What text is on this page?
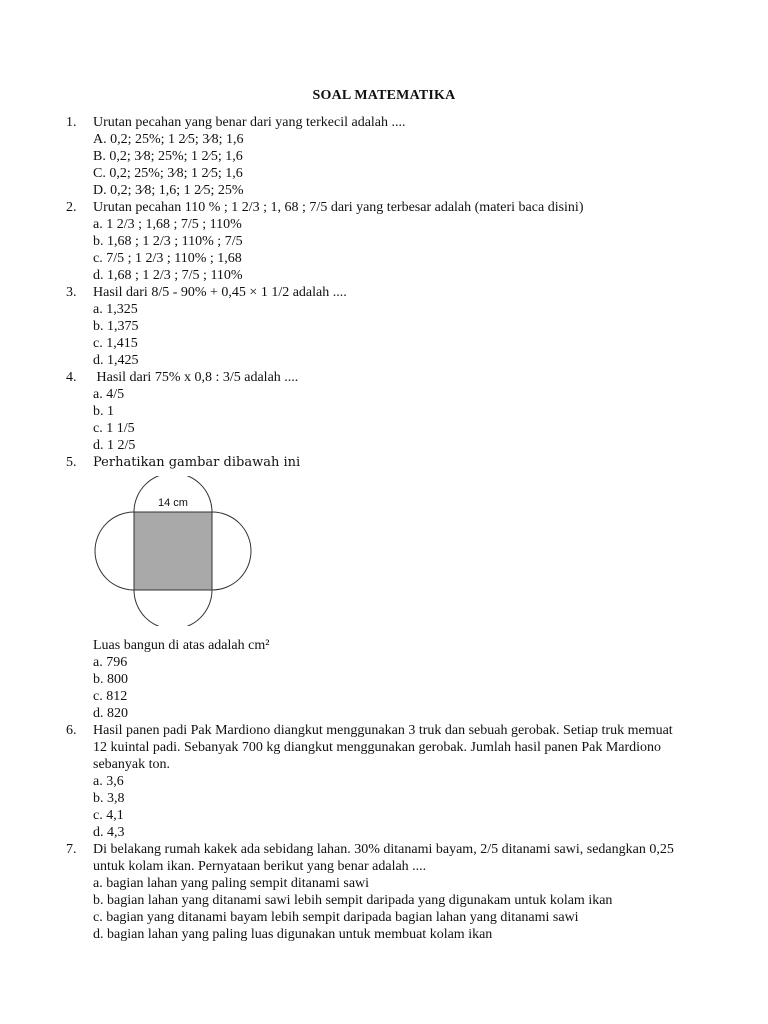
SOAL MATEMATIKA
1. Urutan pecahan yang benar dari yang terkecil adalah ....
A. 0,2; 25%; 1 2⁄5; 3⁄8; 1,6
B. 0,2; 3⁄8; 25%; 1 2⁄5; 1,6
C. 0,2; 25%; 3⁄8; 1 2⁄5; 1,6
D. 0,2; 3⁄8; 1,6; 1 2⁄5; 25%
2. Urutan pecahan 110 % ; 1 2/3 ; 1, 68 ; 7/5 dari yang terbesar adalah (materi baca disini)
a. 1 2/3 ; 1,68 ; 7/5 ; 110%
b. 1,68 ; 1 2/3 ; 110% ; 7/5
c. 7/5 ; 1 2/3 ; 110% ; 1,68
d. 1,68 ; 1 2/3 ; 7/5 ; 110%
3. Hasil dari 8/5 - 90% + 0,45 × 1 1/2 adalah ....
a. 1,325
b. 1,375
c. 1,415
d. 1,425
4. Hasil dari 75% x 0,8 : 3/5 adalah ....
a. 4/5
b. 1
c. 1 1/5
d. 1 2/5
5. Perhatikan gambar dibawah ini
14 cm
Luas bangun di atas adalah cm²
a. 796
b. 800
c. 812
d. 820
6. Hasil panen padi Pak Mardiono diangkut menggunakan 3 truk dan sebuah gerobak. Setiap truk memuat 12 kuintal padi. Sebanyak 700 kg diangkut menggunakan gerobak. Jumlah hasil panen Pak Mardiono sebanyak ton.
a. 3,6
b. 3,8
c. 4,1
d. 4,3
7. Di belakang rumah kakek ada sebidang lahan. 30% ditanami bayam, 2/5 ditanami sawi, sedangkan 0,25 untuk kolam ikan. Pernyataan berikut yang benar adalah ....
a. bagian lahan yang paling sempit ditanami sawi
b. bagian lahan yang ditanami sawi lebih sempit daripada yang digunakam untuk kolam ikan
c. bagian yang ditanami bayam lebih sempit daripada bagian lahan yang ditanami sawi
d. bagian lahan yang paling luas digunakan untuk membuat kolam ikan
